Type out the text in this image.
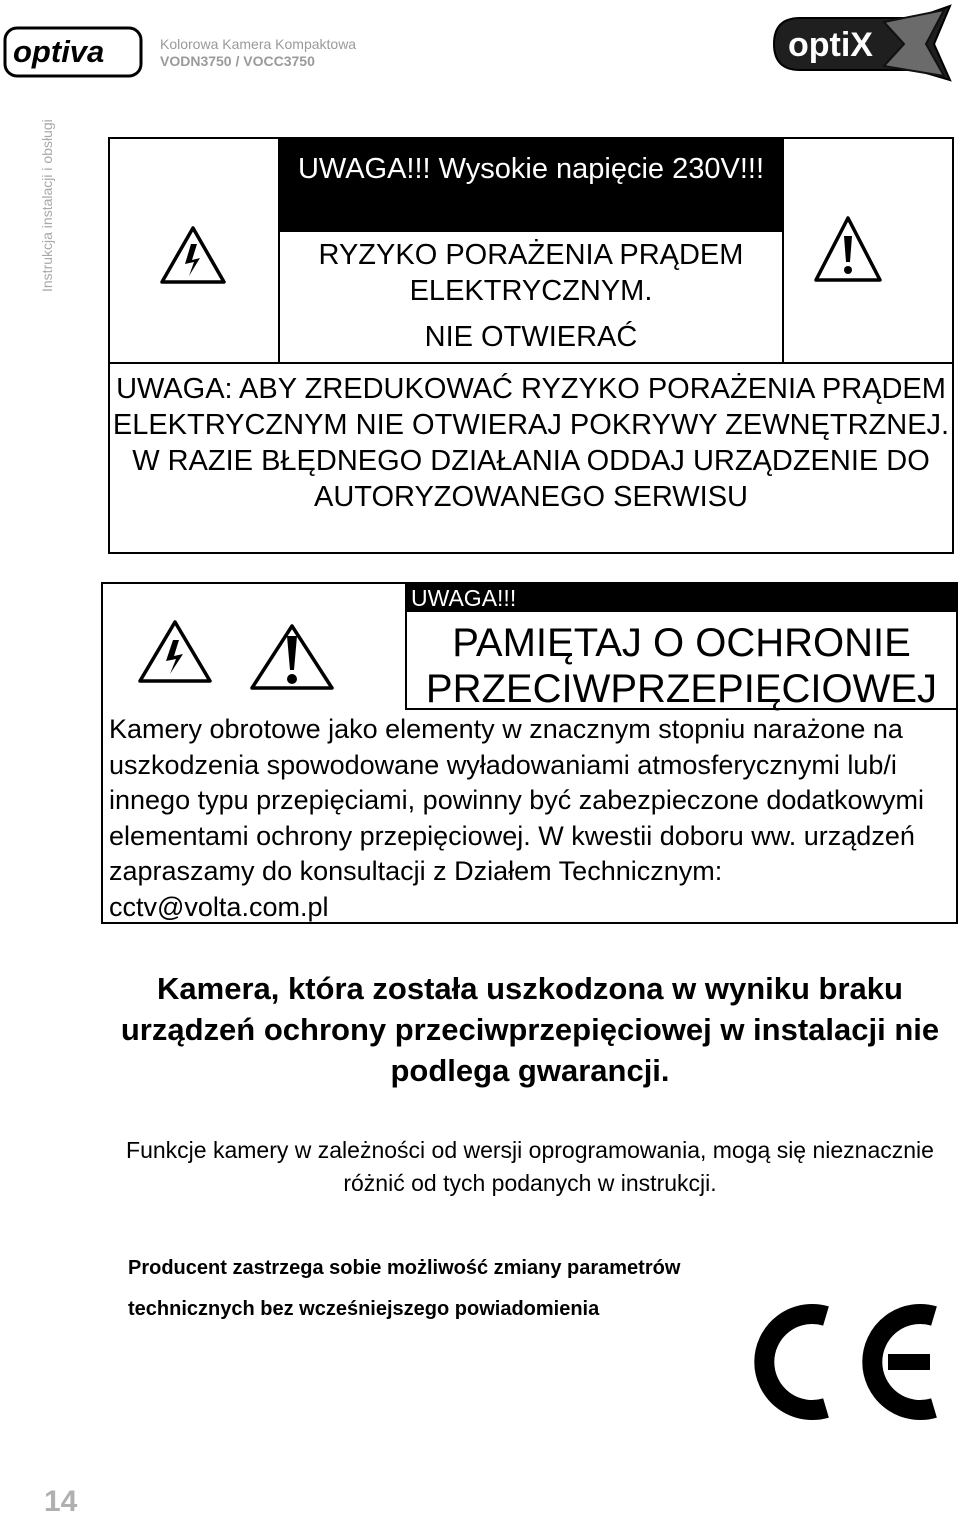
optiva	Kolorowa Kamera Kompaktowa
VODN3750 / VOCC3750	optiX
Instrukcja instalacji i obsługi	UWAGA!!! Wysokie napięcie 230V!!!
RYZYKO PORAŻENIA PRĄDEM ELEKTRYCZNYM.
NIE OTWIERAĆ
UWAGA: ABY ZREDUKOWAĆ RYZYKO PORAŻENIA PRĄDEM ELEKTRYCZNYM NIE OTWIERAJ POKRYWY ZEWNĘTRZNEJ. W RAZIE BŁĘDNEGO DZIAŁANIA ODDAJ URZĄDZENIE DO AUTORYZOWANEGO SERWISU
UWAGA!!!
PAMIĘTAJ O OCHRONIE
PRZECIWPRZEPIĘCIOWEJ
Kamery obrotowe jako elementy w znacznym stopniu narażone na uszkodzenia spowodowane wyładowaniami atmosferycznymi lub/i innego typu przepięciami, powinny być zabezpieczone dodatkowymi elementami ochrony przepięciowej. W kwestii doboru ww. urządzeń zapraszamy do konsultacji z Działem Technicznym: cctv@volta.com.pl
Kamera, która została uszkodzona w wyniku braku urządzeń ochrony przeciwprzepięciowej w instalacji nie podlega gwarancji.
Funkcje kamery w zależności od wersji oprogramowania, mogą się nieznacznie różnić od tych podanych w instrukcji.
Producent zastrzega sobie możliwość zmiany parametrów
technicznych bez wcześniejszego powiadomienia
14
